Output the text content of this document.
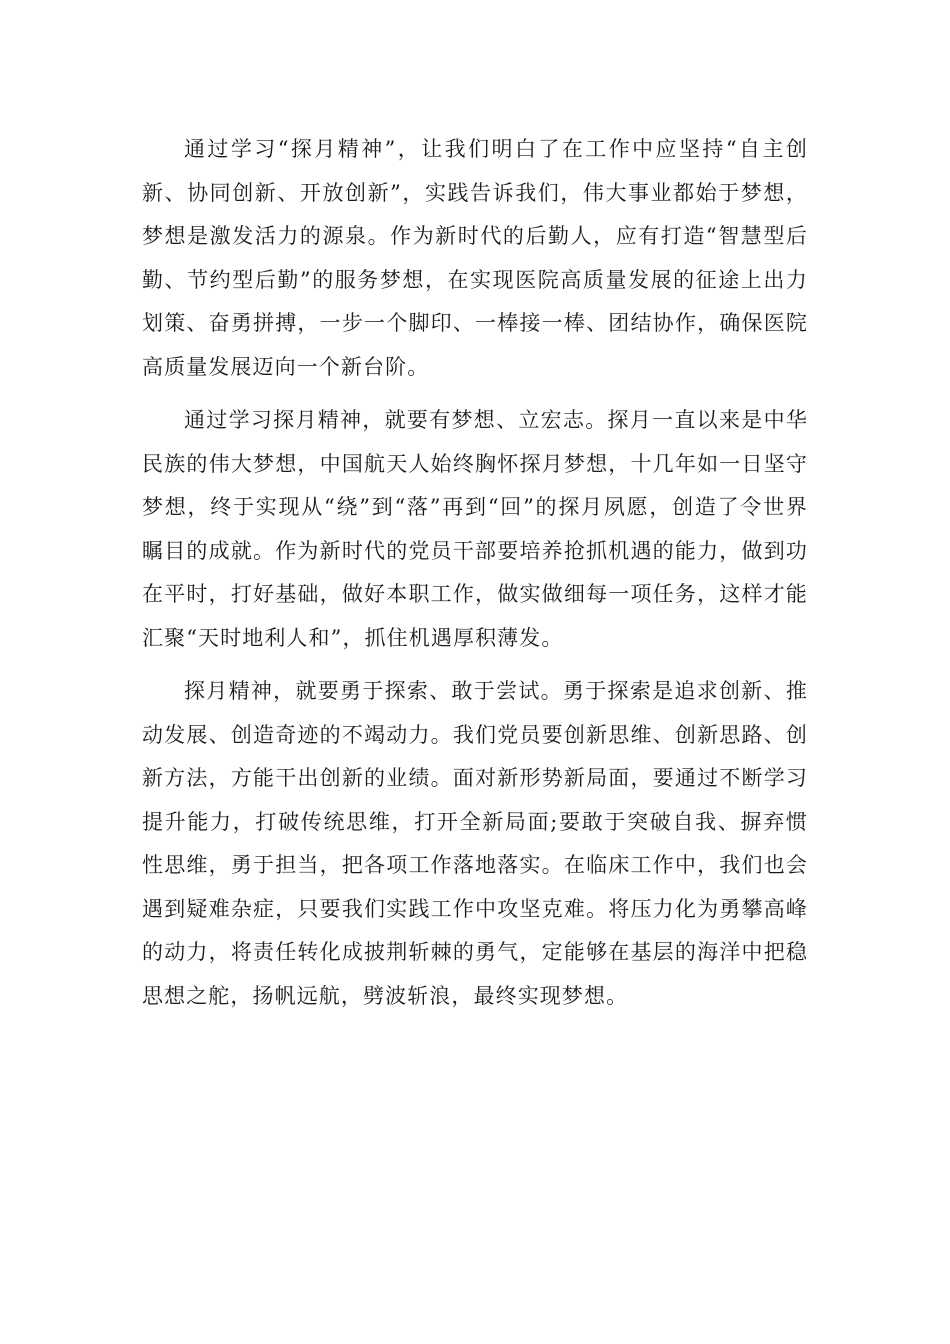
通过学习“探月精神”，让我们明白了在工作中应坚持“自主创新、协同创新、开放创新”，实践告诉我们，伟大事业都始于梦想，梦想是激发活力的源泉。作为新时代的后勤人，应有打造“智慧型后勤、节约型后勤”的服务梦想，在实现医院高质量发展的征途上出力划策、奋勇拼搏，一步一个脚印、一棒接一棒、团结协作，确保医院高质量发展迈向一个新台阶。

通过学习探月精神，就要有梦想、立宏志。探月一直以来是中华民族的伟大梦想，中国航天人始终胸怀探月梦想，十几年如一日坚守梦想，终于实现从“绕”到“落”再到“回”的探月夙愿，创造了令世界瞩目的成就。作为新时代的党员干部要培养抢抓机遇的能力，做到功在平时，打好基础，做好本职工作，做实做细每一项任务，这样才能汇聚“天时地利人和”，抓住机遇厚积薄发。

探月精神，就要勇于探索、敢于尝试。勇于探索是追求创新、推动发展、创造奇迹的不竭动力。我们党员要创新思维、创新思路、创新方法，方能干出创新的业绩。面对新形势新局面，要通过不断学习提升能力，打破传统思维，打开全新局面;要敢于突破自我、摒弃惯性思维，勇于担当，把各项工作落地落实。在临床工作中，我们也会遇到疑难杂症，只要我们实践工作中攻坚克难。将压力化为勇攀高峰的动力，将责任转化成披荆斩棘的勇气，定能够在基层的海洋中把稳思想之舵，扬帆远航，劈波斩浪，最终实现梦想。
